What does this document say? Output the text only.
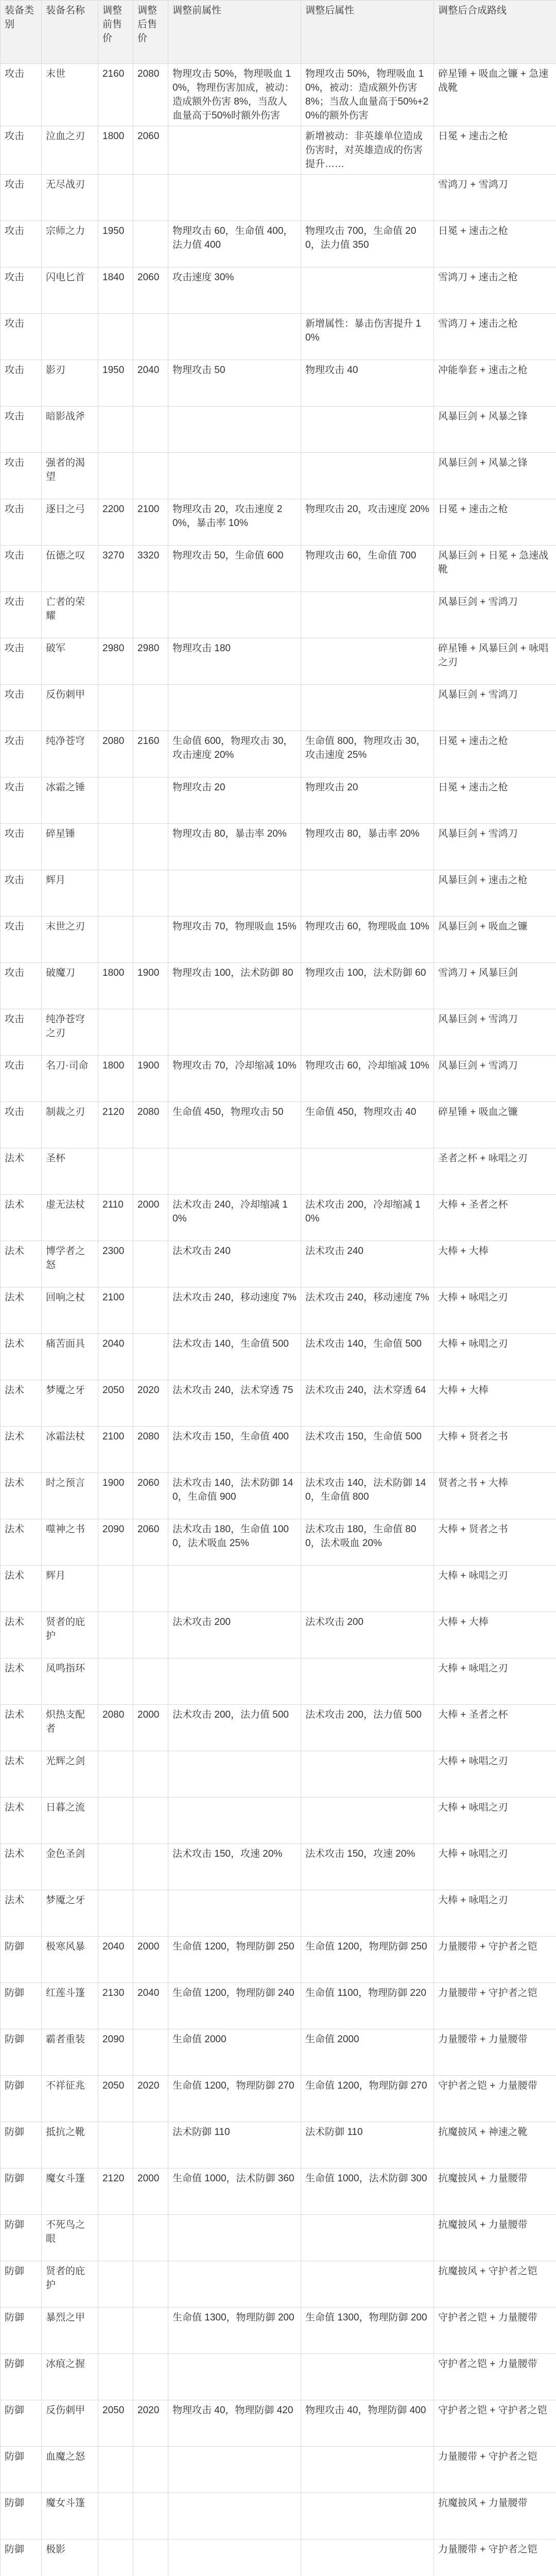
装备类别	装备名称	调整前售价	调整后售价	调整前属性	调整后属性	调整后合成路线
攻击	末世	2160	2080	物理攻击 50%，物理吸血 10%，物理伤害加成，被动：造成额外伤害 8%，当敌人血量高于50%时额外伤害	物理攻击 50%，物理吸血 10%，被动：造成额外伤害 8%；当敌人血量高于50%+20%的额外伤害	碎星锤 + 吸血之镰 + 急速战靴
攻击	泣血之刃	1800	2060		新增被动：非英雄单位造成伤害时，对英雄造成的伤害提升……	日冕 + 速击之枪
攻击	无尽战刃					雪鸿刀 + 雪鸿刀
攻击	宗师之力	1950		物理攻击 60，生命值 400，法力值 400	物理攻击 700，生命值 200，法力值 350	日冕 + 速击之枪
攻击	闪电匕首	1840	2060	攻击速度 30%		雪鸿刀 + 速击之枪
攻击					新增属性：暴击伤害提升 10%	雪鸿刀 + 速击之枪
攻击	影刃	1950	2040	物理攻击 50	物理攻击 40	冲能拳套 + 速击之枪
攻击	暗影战斧					风暴巨剑 + 风暴之锋
攻击	强者的渴望					风暴巨剑 + 风暴之锋
攻击	逐日之弓	2200	2100	物理攻击 20，攻击速度 20%，暴击率 10%	物理攻击 20，攻击速度 20%	日冕 + 速击之枪
攻击	伍德之叹	3270	3320	物理攻击 50，生命值 600	物理攻击 60，生命值 700	风暴巨剑 + 日冕 + 急速战靴
攻击	亡者的荣耀					风暴巨剑 + 雪鸿刀
攻击	破军	2980	2980	物理攻击 180		碎星锤 + 风暴巨剑 + 咏唱之刃
攻击	反伤刺甲					风暴巨剑 + 雪鸿刀
攻击	纯净苍穹	2080	2160	生命值 600，物理攻击 30，攻击速度 20%	生命值 800，物理攻击 30，攻击速度 25%	日冕 + 速击之枪
攻击	冰霜之锤			物理攻击 20	物理攻击 20	日冕 + 速击之枪
攻击	碎星锤			物理攻击 80，暴击率 20%	物理攻击 80，暴击率 20%	风暴巨剑 + 雪鸿刀
攻击	辉月					风暴巨剑 + 速击之枪
攻击	末世之刃			物理攻击 70，物理吸血 15%	物理攻击 60，物理吸血 10%	风暴巨剑 + 吸血之镰
攻击	破魔刀	1800	1900	物理攻击 100，法术防御 80	物理攻击 100，法术防御 60	雪鸿刀 + 风暴巨剑
攻击	纯净苍穹之刃					风暴巨剑 + 雪鸿刀
攻击	名刀·司命	1800	1900	物理攻击 70，冷却缩减 10%	物理攻击 60，冷却缩减 10%	风暴巨剑 + 雪鸿刀
攻击	制裁之刃	2120	2080	生命值 450，物理攻击 50	生命值 450，物理攻击 40	碎星锤 + 吸血之镰
法术	圣杯					圣者之杯 + 咏唱之刃
法术	虚无法杖	2110	2000	法术攻击 240，冷却缩减 10%	法术攻击 200，冷却缩减 10%	大棒 + 圣者之杯
法术	博学者之怒	2300		法术攻击 240	法术攻击 240	大棒 + 大棒
法术	回响之杖	2100		法术攻击 240，移动速度 7%	法术攻击 240，移动速度 7%	大棒 + 咏唱之刃
法术	痛苦面具	2040		法术攻击 140，生命值 500	法术攻击 140，生命值 500	大棒 + 咏唱之刃
法术	梦魇之牙	2050	2020	法术攻击 240，法术穿透 75	法术攻击 240，法术穿透 64	大棒 + 大棒
法术	冰霜法杖	2100	2080	法术攻击 150，生命值 400	法术攻击 150，生命值 500	大棒 + 贤者之书
法术	时之预言	1900	2060	法术攻击 140，法术防御 140，生命值 900	法术攻击 140，法术防御 140，生命值 800	贤者之书 + 大棒
法术	噬神之书	2090	2060	法术攻击 180，生命值 1000，法术吸血 25%	法术攻击 180，生命值 800，法术吸血 20%	大棒 + 贤者之书
法术	辉月					大棒 + 咏唱之刃
法术	贤者的庇护			法术攻击 200	法术攻击 200	大棒 + 大棒
法术	凤鸣指环					大棒 + 咏唱之刃
法术	炽热支配者	2080	2000	法术攻击 200，法力值 500	法术攻击 200，法力值 500	大棒 + 圣者之杯
法术	光辉之剑					大棒 + 咏唱之刃
法术	日暮之流					大棒 + 咏唱之刃
法术	金色圣剑			法术攻击 150，攻速 20%	法术攻击 150，攻速 20%	大棒 + 咏唱之刃
法术	梦魇之牙					大棒 + 咏唱之刃
防御	极寒风暴	2040	2000	生命值 1200，物理防御 250	生命值 1200，物理防御 250	力量腰带 + 守护者之铠
防御	红莲斗篷	2130	2040	生命值 1200，物理防御 240	生命值 1100，物理防御 220	力量腰带 + 守护者之铠
防御	霸者重装	2090		生命值 2000	生命值 2000	力量腰带 + 力量腰带
防御	不祥征兆	2050	2020	生命值 1200，物理防御 270	生命值 1200，物理防御 270	守护者之铠 + 力量腰带
防御	抵抗之靴			法术防御 110	法术防御 110	抗魔披风 + 神速之靴
防御	魔女斗篷	2120	2000	生命值 1000，法术防御 360	生命值 1000，法术防御 300	抗魔披风 + 力量腰带
防御	不死鸟之眼					抗魔披风 + 力量腰带
防御	贤者的庇护					抗魔披风 + 守护者之铠
防御	暴烈之甲			生命值 1300，物理防御 200	生命值 1300，物理防御 200	守护者之铠 + 力量腰带
防御	冰痕之握					守护者之铠 + 力量腰带
防御	反伤刺甲	2050	2020	物理攻击 40，物理防御 420	物理攻击 40，物理防御 400	守护者之铠 + 守护者之铠
防御	血魔之怒					力量腰带 + 守护者之铠
防御	魔女斗篷					抗魔披风 + 力量腰带
防御	极影					力量腰带 + 守护者之铠
